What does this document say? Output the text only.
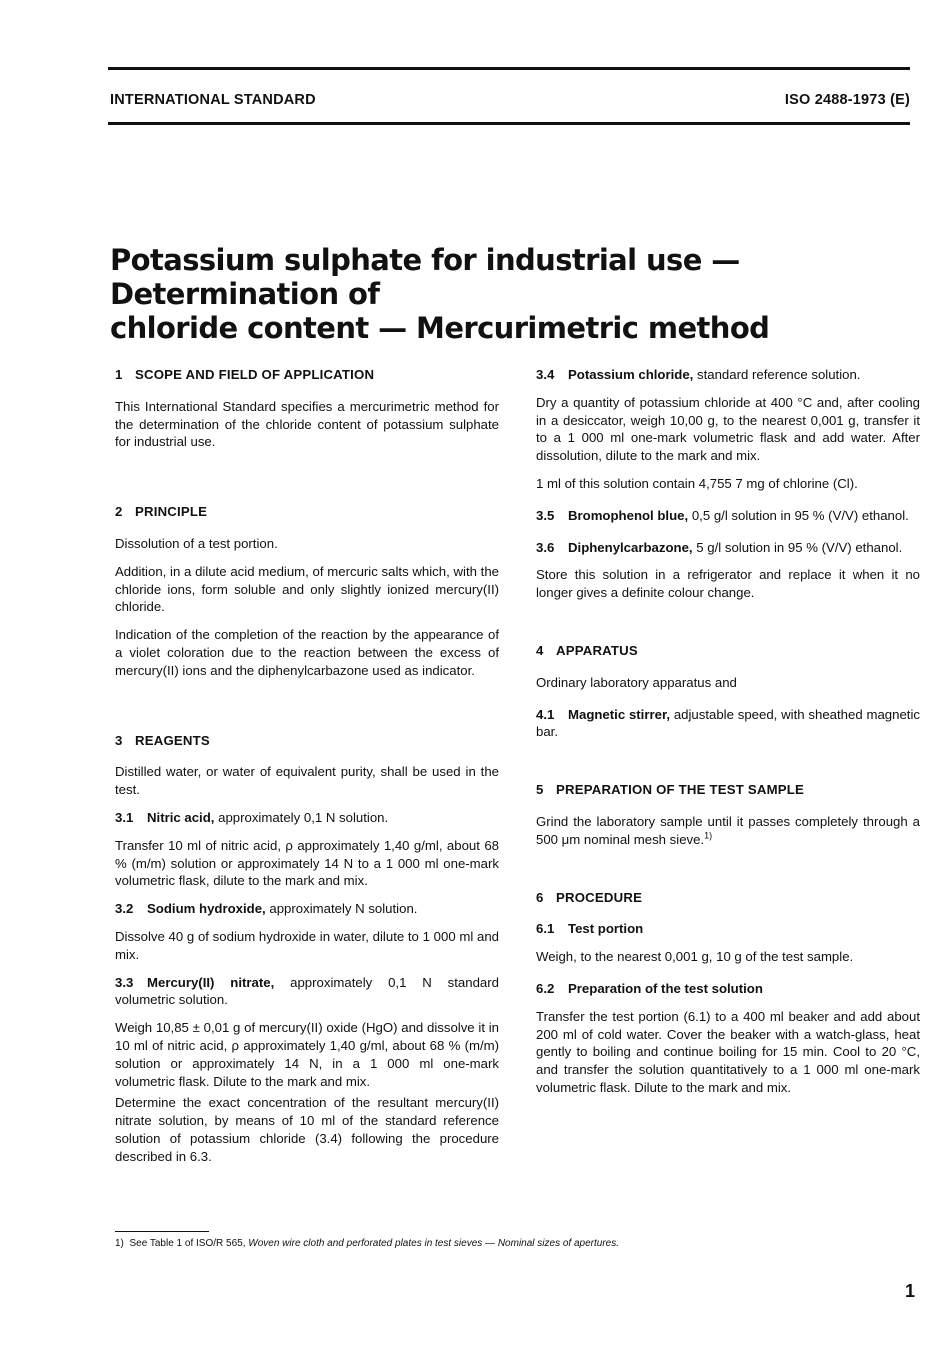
INTERNATIONAL STANDARD	ISO 2488-1973 (E)
Potassium sulphate for industrial use — Determination of
chloride content — Mercurimetric method
1 SCOPE AND FIELD OF APPLICATION

This International Standard specifies a mercurimetric method for the determination of the chloride content of potassium sulphate for industrial use.

2 PRINCIPLE

Dissolution of a test portion.

Addition, in a dilute acid medium, of mercuric salts which, with the chloride ions, form soluble and only slightly ionized mercury(II) chloride.

Indication of the completion of the reaction by the appearance of a violet coloration due to the reaction between the excess of mercury(II) ions and the diphenylcarbazone used as indicator.

3 REAGENTS

Distilled water, or water of equivalent purity, shall be used in the test.

3.1 Nitric acid, approximately 0,1 N solution.

Transfer 10 ml of nitric acid, ρ approximately 1,40 g/ml, about 68 % (m/m) solution or approximately 14 N to a 1 000 ml one-mark volumetric flask, dilute to the mark and mix.

3.2 Sodium hydroxide, approximately N solution.

Dissolve 40 g of sodium hydroxide in water, dilute to 1 000 ml and mix.

3.3 Mercury(II) nitrate, approximately 0,1 N standard volumetric solution.

Weigh 10,85 ± 0,01 g of mercury(II) oxide (HgO) and dissolve it in 10 ml of nitric acid, ρ approximately 1,40 g/ml, about 68 % (m/m) solution or approximately 14 N, in a 1 000 ml one-mark volumetric flask. Dilute to the mark and mix.

Determine the exact concentration of the resultant mercury(II) nitrate solution, by means of 10 ml of the standard reference solution of potassium chloride (3.4) following the procedure described in 6.3.

3.4 Potassium chloride, standard reference solution.

Dry a quantity of potassium chloride at 400 °C and, after cooling in a desiccator, weigh 10,00 g, to the nearest 0,001 g, transfer it to a 1 000 ml one-mark volumetric flask and add water. After dissolution, dilute to the mark and mix.

1 ml of this solution contain 4,755 7 mg of chlorine (Cl).

3.5 Bromophenol blue, 0,5 g/l solution in 95 % (V/V) ethanol.

3.6 Diphenylcarbazone, 5 g/l solution in 95 % (V/V) ethanol.

Store this solution in a refrigerator and replace it when it no longer gives a definite colour change.

4 APPARATUS

Ordinary laboratory apparatus and

4.1 Magnetic stirrer, adjustable speed, with sheathed magnetic bar.

5 PREPARATION OF THE TEST SAMPLE

Grind the laboratory sample until it passes completely through a 500 μm nominal mesh sieve.$^{1)}$

6 PROCEDURE

6.1 Test portion

Weigh, to the nearest 0,001 g, 10 g of the test sample.

6.2 Preparation of the test solution

Transfer the test portion (6.1) to a 400 ml beaker and add about 200 ml of cold water. Cover the beaker with a watch-glass, heat gently to boiling and continue boiling for 15 min. Cool to 20 °C, and transfer the solution quantitatively to a 1 000 ml one-mark volumetric flask. Dilute to the mark and mix.

1) See Table 1 of ISO/R 565, Woven wire cloth and perforated plates in test sieves — Nominal sizes of apertures.
1
